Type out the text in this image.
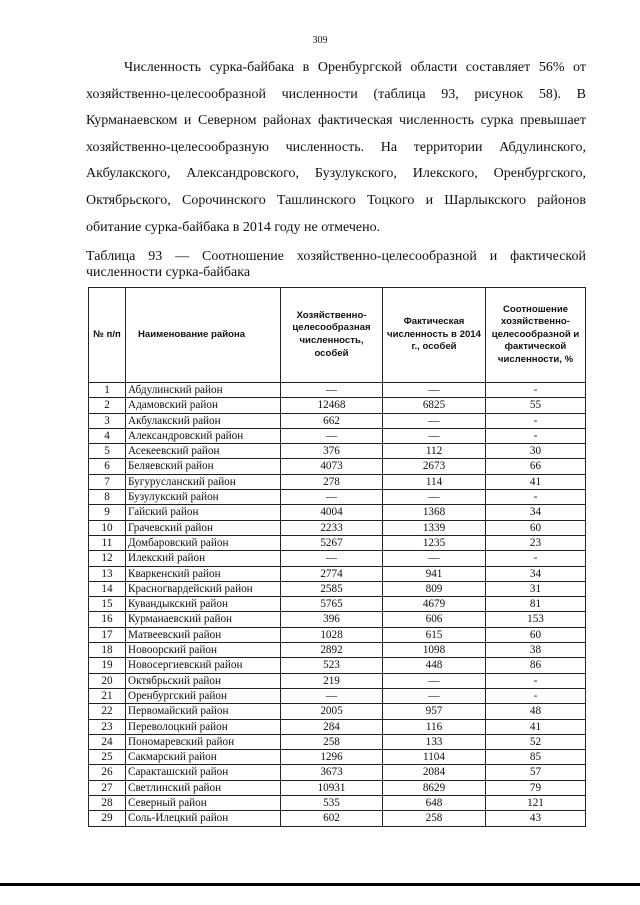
309

Численность сурка-байбака в Оренбургской области составляет 56% от хозяйственно-целесообразной численности (таблица 93, рисунок 58). В Курманаевском и Северном районах фактическая численность сурка превышает хозяйственно-целесообразную численность. На территории Абдулинского, Акбулакского, Александровского, Бузулукского, Илекского, Оренбургского, Октябрьского, Сорочинского Ташлинского Тоцкого и Шарлыкского районов обитание сурка-байбака в 2014 году не отмечено.

Таблица 93 — Соотношение хозяйственно-целесообразной и фактической численности сурка-байбака

№ п/п	Наименование района	Хозяйственно-целесообразная численность, особей	Фактическая численность в 2014 г., особей	Соотношение хозяйственно-целесообразной и фактической численности, %
1	Абдулинский район	—	—	-
2	Адамовский район	12468	6825	55
3	Акбулакский район	662	—	-
4	Александровский район	—	—	-
5	Асекеевский район	376	112	30
6	Беляевский район	4073	2673	66
7	Бугурусланский район	278	114	41
8	Бузулукский район	—	—	-
9	Гайский район	4004	1368	34
10	Грачевский район	2233	1339	60
11	Домбаровский район	5267	1235	23
12	Илекский район	—	—	-
13	Кваркенский район	2774	941	34
14	Красногвардейский район	2585	809	31
15	Кувандыкский район	5765	4679	81
16	Курманаевский район	396	606	153
17	Матвеевский район	1028	615	60
18	Новоорский район	2892	1098	38
19	Новосергиевский район	523	448	86
20	Октябрьский район	219	—	-
21	Оренбургский район	—	—	-
22	Первомайский район	2005	957	48
23	Переволоцкий район	284	116	41
24	Пономаревский район	258	133	52
25	Сакмарский район	1296	1104	85
26	Саракташский район	3673	2084	57
27	Светлинский район	10931	8629	79
28	Северный район	535	648	121
29	Соль-Илецкий район	602	258	43
